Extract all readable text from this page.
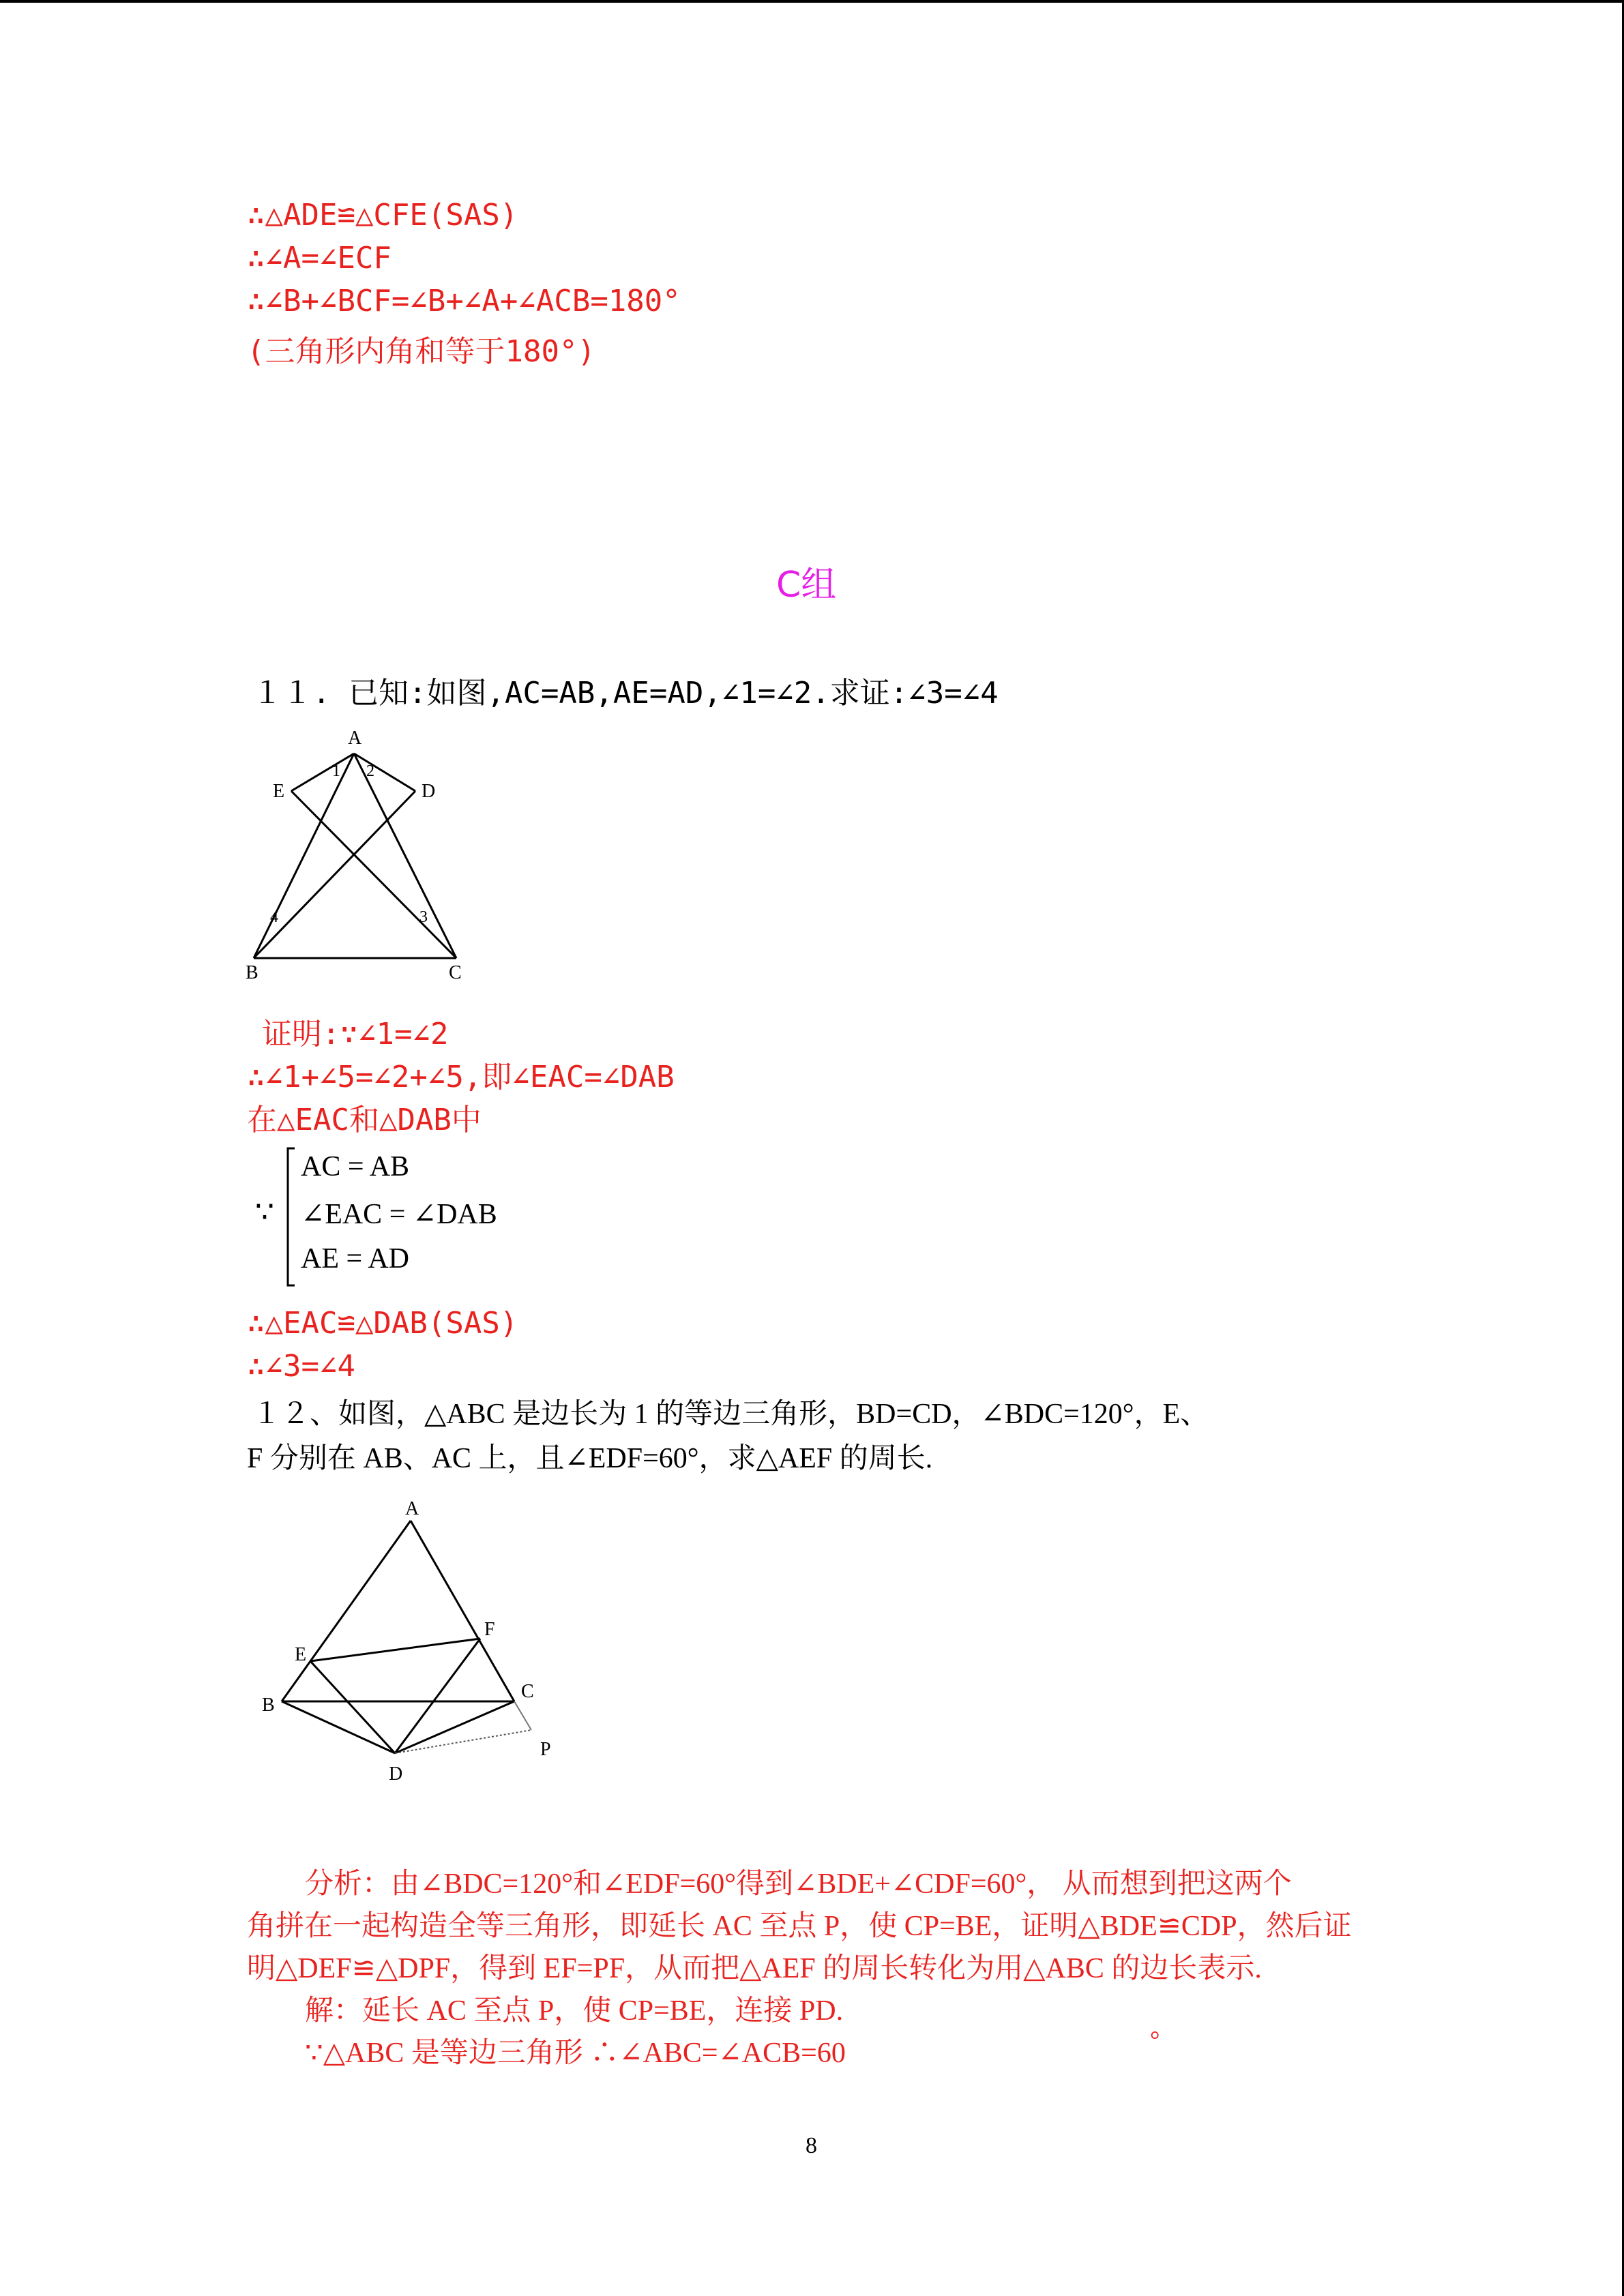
∴△ADE≌△CFE(SAS)
∴∠A=∠ECF
∴∠B+∠BCF=∠B+∠A+∠ACB=180°
(三角形内角和等于180°)
C组
１１. 已知:如图,AC=AB,AE=AD,∠1=∠2.求证:∠3=∠4
A
E	D
B	C
1 2
4	3
证明:∵∠1=∠2
∴∠1+∠5=∠2+∠5,即∠EAC=∠DAB
在△EAC和△DAB中
∵
AC = AB
∠EAC = ∠DAB
AE = AD
∴△EAC≌△DAB(SAS)
∴∠3=∠4
１２、如图，△ABC 是边长为 1 的等边三角形，BD=CD，∠BDC=120°，E、
F 分别在 AB、AC 上，且∠EDF=60°，求△AEF 的周长.
A
E
F
B
C
D
P
分析：由∠BDC=120°和∠EDF=60°得到∠BDE+∠CDF=60°， 从而想到把这两个
角拼在一起构造全等三角形，即延长 AC 至点 P，使 CP=BE，证明△BDE≌CDP，然后证
明△DEF≌△DPF，得到 EF=PF，从而把△AEF 的周长转化为用△ABC 的边长表示.
解：延长 AC 至点 P，使 CP=BE，连接 PD.
∵△ABC 是等边三角形 ∴∠ABC=∠ACB=60	°
8
